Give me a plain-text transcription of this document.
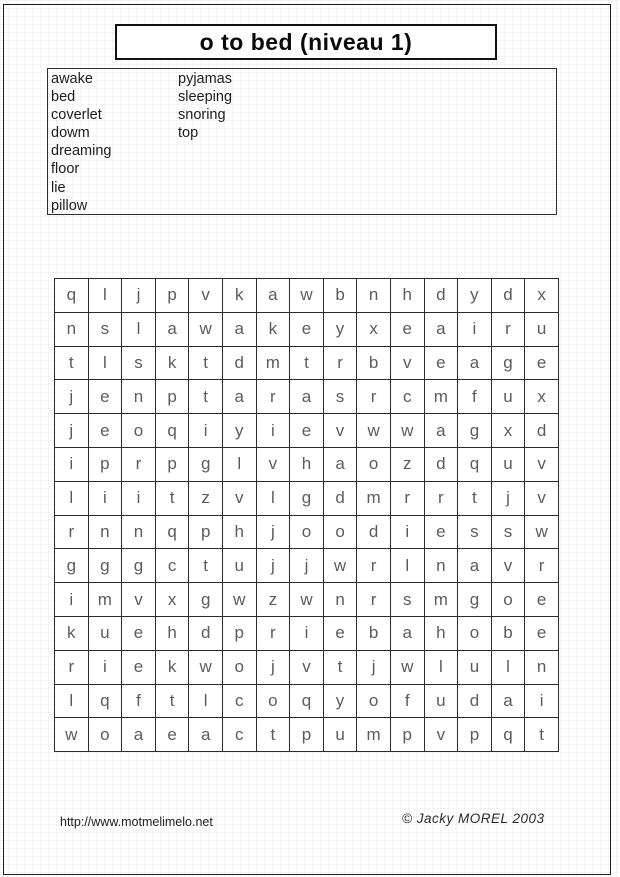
o to bed (niveau 1)
awake
bed
coverlet
dowm
dreaming
floor
lie
pillow
pyjamas
sleeping
snoring
top
q	l	j	p	v	k	a	w	b	n	h	d	y	d	x
n	s	l	a	w	a	k	e	y	x	e	a	i	r	u
t	l	s	k	t	d	m	t	r	b	v	e	a	g	e
j	e	n	p	t	a	r	a	s	r	c	m	f	u	x
j	e	o	q	i	y	i	e	v	w	w	a	g	x	d
i	p	r	p	g	l	v	h	a	o	z	d	q	u	v
l	i	i	t	z	v	l	g	d	m	r	r	t	j	v
r	n	n	q	p	h	j	o	o	d	i	e	s	s	w
g	g	g	c	t	u	j	j	w	r	l	n	a	v	r
i	m	v	x	g	w	z	w	n	r	s	m	g	o	e
k	u	e	h	d	p	r	i	e	b	a	h	o	b	e
r	i	e	k	w	o	j	v	t	j	w	l	u	l	n
l	q	f	t	l	c	o	q	y	o	f	u	d	a	i
w	o	a	e	a	c	t	p	u	m	p	v	p	q	t
http://www.motmelimelo.net	© Jacky MOREL 2003
